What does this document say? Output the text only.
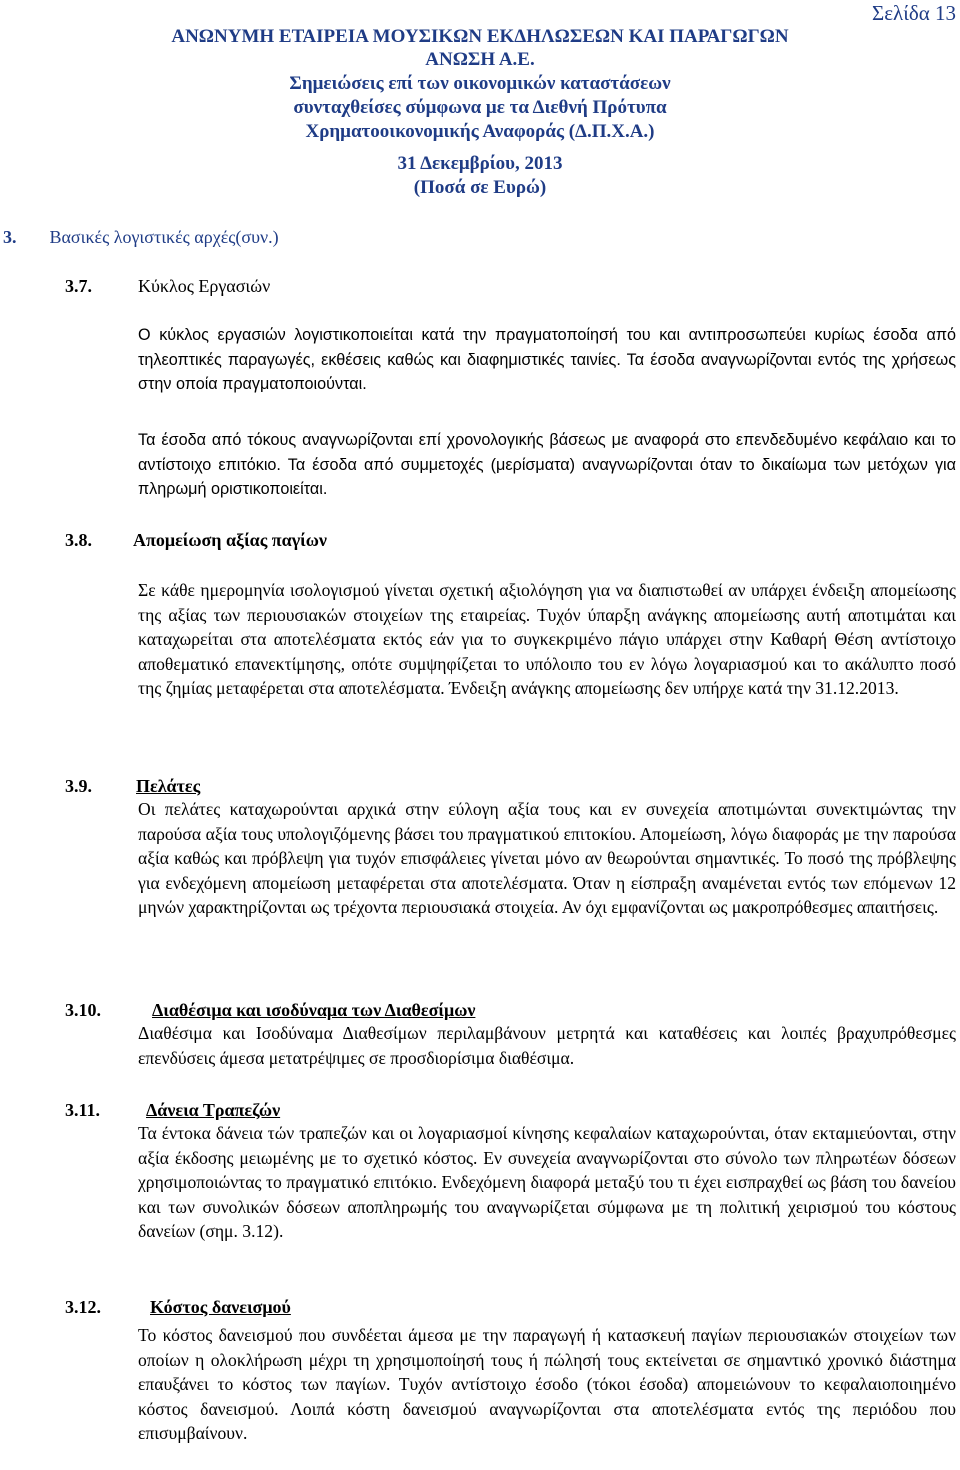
Σελίδα 13
ΑΝΩΝΥΜΗ ΕΤΑΙΡΕΙΑ ΜΟΥΣΙΚΩΝ ΕΚΔΗΛΩΣΕΩΝ ΚΑΙ ΠΑΡΑΓΩΓΩΝ
ΑΝΩΣΗ Α.Ε.
Σημειώσεις επί των οικονομικών καταστάσεων
συνταχθείσες σύμφωνα με τα Διεθνή Πρότυπα
Χρηματοοικονομικής Αναφοράς (Δ.Π.Χ.Α.)
31 Δεκεμβρίου, 2013
(Ποσά σε Ευρώ)
3. Βασικές λογιστικές αρχές(συν.)
3.7.	Κύκλος Εργασιών
Ο κύκλος εργασιών λογιστικοποιείται κατά την πραγματοποίησή του και αντιπροσωπεύει κυρίως έσοδα από τηλεοπτικές παραγωγές, εκθέσεις καθώς και διαφημιστικές ταινίες. Τα έσοδα αναγνωρίζονται εντός της χρήσεως στην οποία πραγματοποιούνται.
Τα έσοδα από τόκους αναγνωρίζονται επί χρονολογικής βάσεως με αναφορά στο επενδεδυμένο κεφάλαιο και το αντίστοιχο επιτόκιο. Τα έσοδα από συμμετοχές (μερίσματα) αναγνωρίζονται όταν το δικαίωμα των μετόχων για πληρωμή οριστικοποιείται.
3.8. Απομείωση αξίας παγίων
Σε κάθε ημερομηνία ισολογισμού γίνεται σχετική αξιολόγηση για να διαπιστωθεί αν υπάρχει ένδειξη απομείωσης της αξίας των περιουσιακών στοιχείων της εταιρείας. Τυχόν ύπαρξη ανάγκης απομείωσης αυτή αποτιμάται και καταχωρείται στα αποτελέσματα εκτός εάν για το συγκεκριμένο πάγιο υπάρχει στην Καθαρή Θέση αντίστοιχο αποθεματικό επανεκτίμησης, οπότε συμψηφίζεται το υπόλοιπο του εν λόγω λογαριασμού και το ακάλυπτο ποσό της ζημίας μεταφέρεται στα αποτελέσματα. Ένδειξη ανάγκης απομείωσης δεν υπήρχε κατά την 31.12.2013.
3.9. Πελάτες
Οι πελάτες καταχωρούνται αρχικά στην εύλογη αξία τους και εν συνεχεία αποτιμώνται συνεκτιμώντας την παρούσα αξία τους υπολογιζόμενης βάσει του πραγματικού επιτοκίου. Απομείωση, λόγω διαφοράς με την παρούσα αξία καθώς και πρόβλεψη για τυχόν επισφάλειες γίνεται μόνο αν θεωρούνται σημαντικές. Το ποσό της πρόβλεψης για ενδεχόμενη απομείωση μεταφέρεται στα αποτελέσματα. Όταν η είσπραξη αναμένεται εντός των επόμενων 12 μηνών χαρακτηρίζονται ως τρέχοντα περιουσιακά στοιχεία. Αν όχι εμφανίζονται ως μακροπρόθεσμες απαιτήσεις.
3.10.	Διαθέσιμα και ισοδύναμα των Διαθεσίμων
Διαθέσιμα και Ισοδύναμα Διαθεσίμων περιλαμβάνουν μετρητά και καταθέσεις και λοιπές βραχυπρόθεσμες επενδύσεις άμεσα μετατρέψιμες σε προσδιορίσιμα διαθέσιμα.
3.11.	Δάνεια Τραπεζών
Τα έντοκα δάνεια τών τραπεζών και οι λογαριασμοί κίνησης κεφαλαίων καταχωρούνται, όταν εκταμιεύονται, στην αξία έκδοσης μειωμένης με το σχετικό κόστος. Εν συνεχεία αναγνωρίζονται στο σύνολο των πληρωτέων δόσεων χρησιμοποιώντας το πραγματικό επιτόκιο. Ενδεχόμενη διαφορά μεταξύ του τι έχει εισπραχθεί ως βάση του δανείου και των συνολικών δόσεων αποπληρωμής του αναγνωρίζεται σύμφωνα με τη πολιτική χειρισμού του κόστους δανείων (σημ. 3.12).
3.12.	Κόστος δανεισμού
Το κόστος δανεισμού που συνδέεται άμεσα με την παραγωγή ή κατασκευή παγίων περιουσιακών στοιχείων των οποίων η ολοκλήρωση μέχρι τη χρησιμοποίησή τους ή πώλησή τους εκτείνεται σε σημαντικό χρονικό διάστημα επαυξάνει το κόστος των παγίων. Τυχόν αντίστοιχο έσοδο (τόκοι έσοδα) απομειώνουν το κεφαλαιοποιημένο κόστος δανεισμού. Λοιπά κόστη δανεισμού αναγνωρίζονται στα αποτελέσματα εντός της περιόδου που επισυμβαίνουν.
